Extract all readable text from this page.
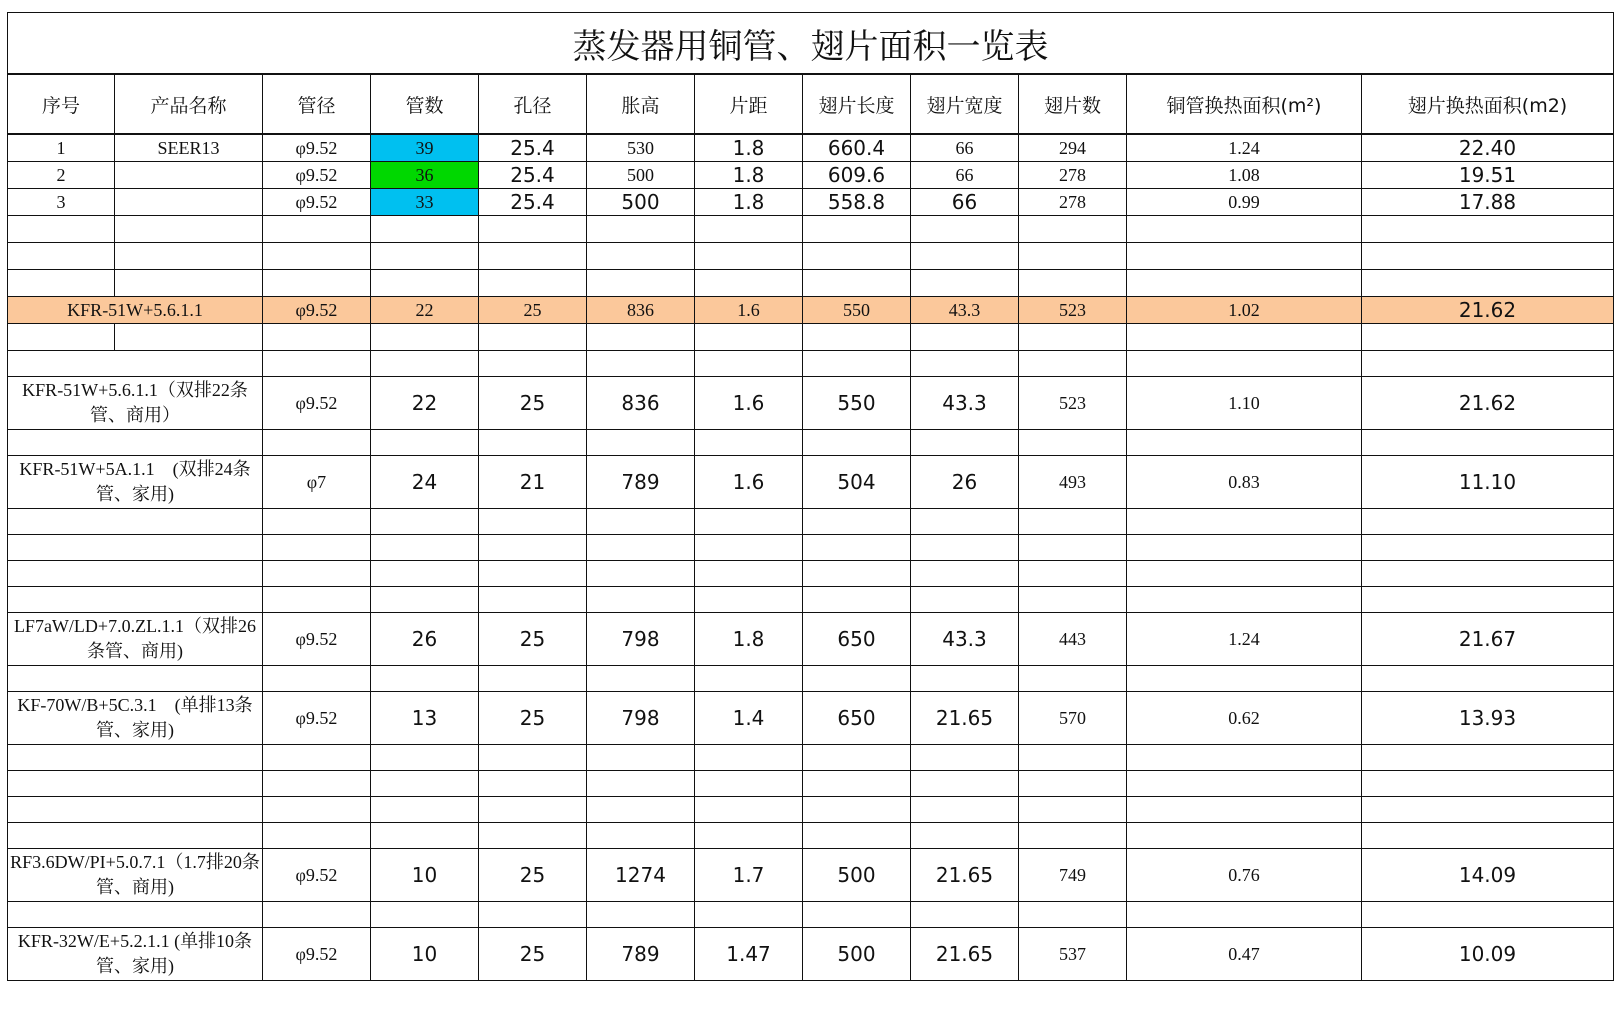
蒸发器用铜管、翅片面积一览表											
序号	产品名称	管径	管数	孔径	胀高	片距	翅片长度	翅片宽度	翅片数	铜管换热面积(m²)	翅片换热面积(m2)
1	SEER13	φ9.52	39	25.4	530	1.8	660.4	66	294	1.24	22.40
2		φ9.52	36	25.4	500	1.8	609.6	66	278	1.08	19.51
3		φ9.52	33	25.4	500	1.8	558.8	66	278	0.99	17.88

KFR-51W+5.6.1.1		φ9.52	22	25	836	1.6	550	43.3	523	1.02	21.62

KFR-51W+5.6.1.1（双排22条管、商用）		φ9.52	22	25	836	1.6	550	43.3	523	1.10	21.62

KFR-51W+5A.1.1　(双排24条管、家用)		φ7	24	21	789	1.6	504	26	493	0.83	11.10

LF7aW/LD+7.0.ZL.1.1（双排26条管、商用)		φ9.52	26	25	798	1.8	650	43.3	443	1.24	21.67

KF-70W/B+5C.3.1　(单排13条管、家用)		φ9.52	13	25	798	1.4	650	21.65	570	0.62	13.93

RF3.6DW/PI+5.0.7.1（1.7排20条管、商用)		φ9.52	10	25	1274	1.7	500	21.65	749	0.76	14.09

KFR-32W/E+5.2.1.1 (单排10条管、家用)		φ9.52	10	25	789	1.47	500	21.65	537	0.47	10.09
